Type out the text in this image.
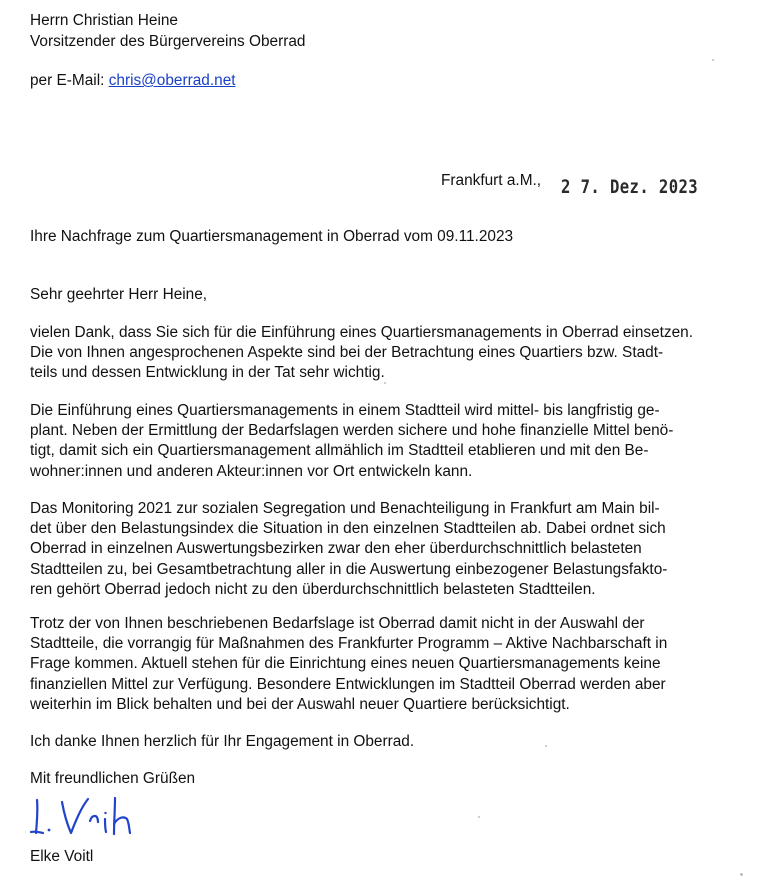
Herrn Christian Heine
Vorsitzender des Bürgervereins Oberrad
per E-Mail: chris@oberrad.net
Frankfurt a.M., 2 7. Dez. 2023
Ihre Nachfrage zum Quartiersmanagement in Oberrad vom 09.11.2023
Sehr geehrter Herr Heine,

vielen Dank, dass Sie sich für die Einführung eines Quartiersmanagements in Oberrad einsetzen.
Die von Ihnen angesprochenen Aspekte sind bei der Betrachtung eines Quartiers bzw. Stadt-
teils und dessen Entwicklung in der Tat sehr wichtig.

Die Einführung eines Quartiersmanagements in einem Stadtteil wird mittel- bis langfristig ge-
plant. Neben der Ermittlung der Bedarfslagen werden sichere und hohe finanzielle Mittel benö-
tigt, damit sich ein Quartiersmanagement allmählich im Stadtteil etablieren und mit den Be-
wohner:innen und anderen Akteur:innen vor Ort entwickeln kann.

Das Monitoring 2021 zur sozialen Segregation und Benachteiligung in Frankfurt am Main bil-
det über den Belastungsindex die Situation in den einzelnen Stadtteilen ab. Dabei ordnet sich
Oberrad in einzelnen Auswertungsbezirken zwar den eher überdurchschnittlich belasteten
Stadtteilen zu, bei Gesamtbetrachtung aller in die Auswertung einbezogener Belastungsfakto-
ren gehört Oberrad jedoch nicht zu den überdurchschnittlich belasteten Stadtteilen.

Trotz der von Ihnen beschriebenen Bedarfslage ist Oberrad damit nicht in der Auswahl der
Stadtteile, die vorrangig für Maßnahmen des Frankfurter Programm – Aktive Nachbarschaft in
Frage kommen. Aktuell stehen für die Einrichtung eines neuen Quartiersmanagements keine
finanziellen Mittel zur Verfügung. Besondere Entwicklungen im Stadtteil Oberrad werden aber
weiterhin im Blick behalten und bei der Auswahl neuer Quartiere berücksichtigt.

Ich danke Ihnen herzlich für Ihr Engagement in Oberrad.

Mit freundlichen Grüßen
Elke Voitl
